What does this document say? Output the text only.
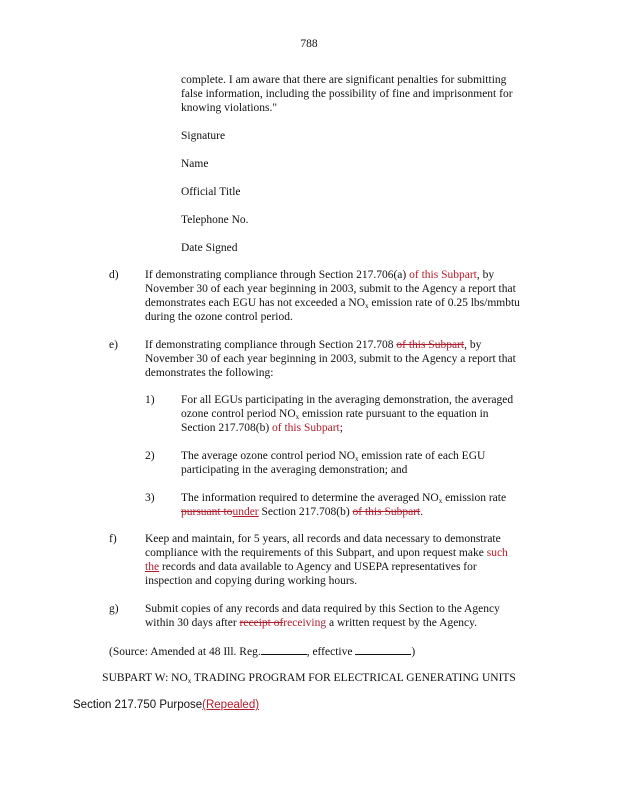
788
complete. I am aware that there are significant penalties for submitting
false information, including the possibility of fine and imprisonment for
knowing violations."
Signature
Name
Official Title
Telephone No.
Date Signed
d) If demonstrating compliance through Section 217.706(a) of this Subpart, by
November 30 of each year beginning in 2003, submit to the Agency a report that
demonstrates each EGU has not exceeded a $NO_x$ emission rate of 0.25 lbs/mmbtu
during the ozone control period.
e) If demonstrating compliance through Section 217.708 of this Subpart, by
November 30 of each year beginning in 2003, submit to the Agency a report that
demonstrates the following:
1) For all EGUs participating in the averaging demonstration, the averaged
ozone control period $NO_x$ emission rate pursuant to the equation in
Section 217.708(b) of this Subpart;
2) The average ozone control period $NO_x$ emission rate of each EGU
participating in the averaging demonstration; and
3) The information required to determine the averaged $NO_x$ emission rate
pursuant tounder Section 217.708(b) of this Subpart.
f) Keep and maintain, for 5 years, all records and data necessary to demonstrate
compliance with the requirements of this Subpart, and upon request make such
the records and data available to Agency and USEPA representatives for
inspection and copying during working hours.
g) Submit copies of any records and data required by this Section to the Agency
within 30 days after receipt ofreceiving a written request by the Agency.
(Source: Amended at 48 Ill. Reg.	, effective	)
SUBPART W: $NO_x$ TRADING PROGRAM FOR ELECTRICAL GENERATING UNITS
Section 217.750 Purpose(Repealed)
